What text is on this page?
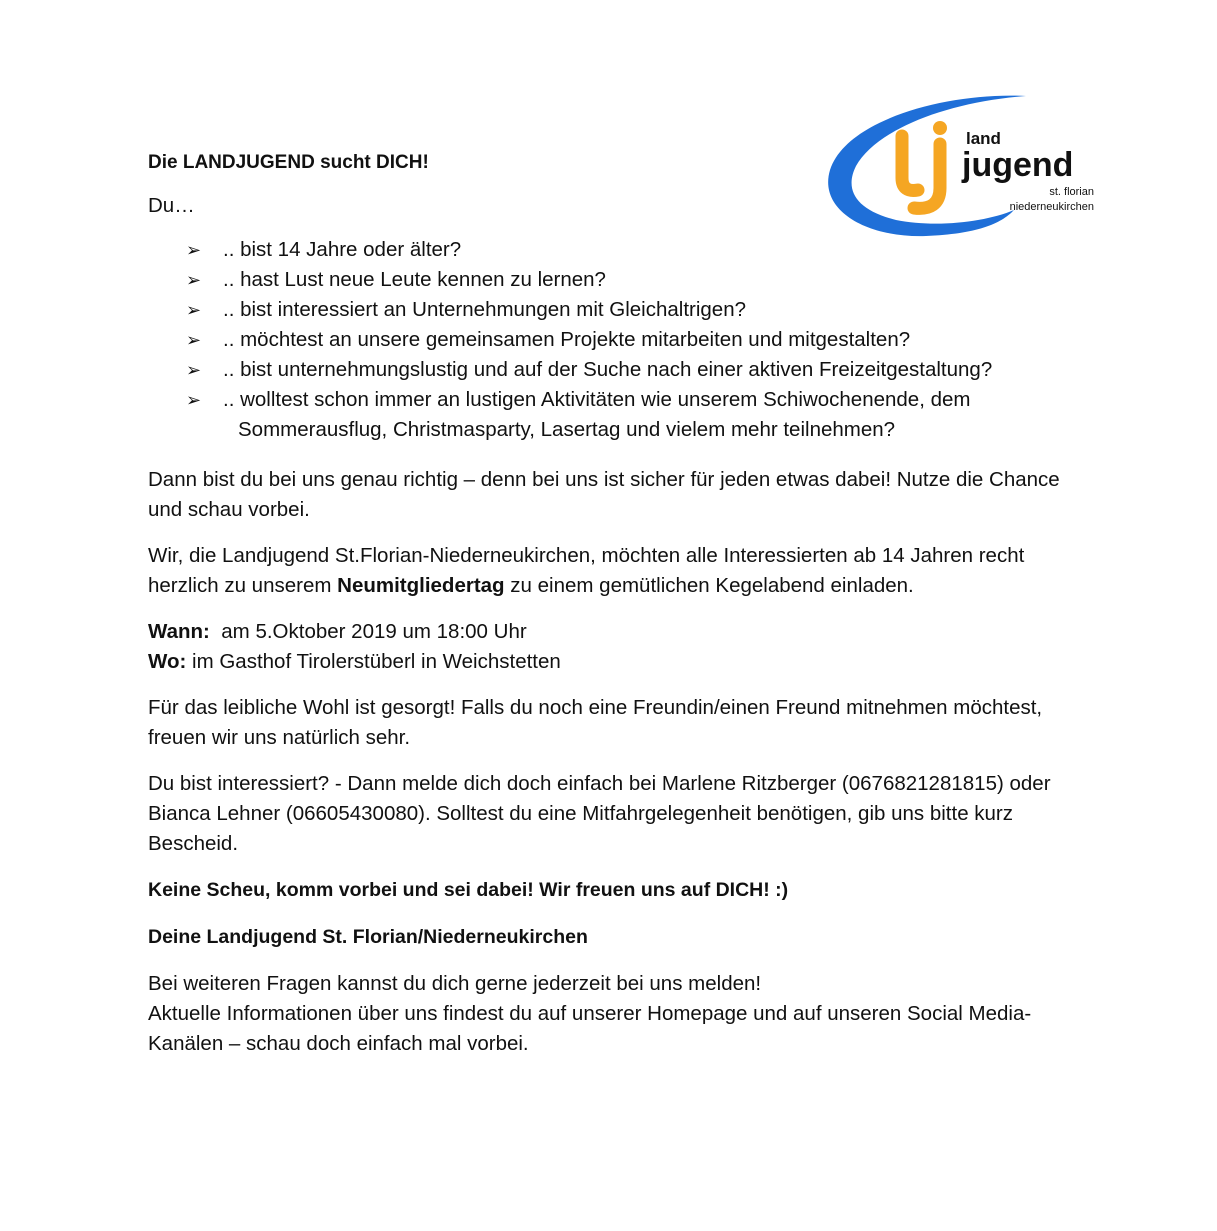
land
jugend
st. florian
niederneukirchen
Die LANDJUGEND sucht DICH!
Du…
➢ .. bist 14 Jahre oder älter?
➢ .. hast Lust neue Leute kennen zu lernen?
➢ .. bist interessiert an Unternehmungen mit Gleichaltrigen?
➢ .. möchtest an unsere gemeinsamen Projekte mitarbeiten und mitgestalten?
➢ .. bist unternehmungslustig und auf der Suche nach einer aktiven Freizeitgestaltung?
➢ .. wolltest schon immer an lustigen Aktivitäten wie unserem Schiwochenende, dem
Sommerausflug, Christmasparty, Lasertag und vielem mehr teilnehmen?

Dann bist du bei uns genau richtig – denn bei uns ist sicher für jeden etwas dabei! Nutze die Chance und schau vorbei.

Wir, die Landjugend St.Florian-Niederneukirchen, möchten alle Interessierten ab 14 Jahren recht herzlich zu unserem Neumitgliedertag zu einem gemütlichen Kegelabend einladen.

Wann: am 5.Oktober 2019 um 18:00 Uhr
Wo: im Gasthof Tirolerstüberl in Weichstetten

Für das leibliche Wohl ist gesorgt! Falls du noch eine Freundin/einen Freund mitnehmen möchtest, freuen wir uns natürlich sehr.

Du bist interessiert? - Dann melde dich doch einfach bei Marlene Ritzberger (0676821281815) oder Bianca Lehner (06605430080). Solltest du eine Mitfahrgelegenheit benötigen, gib uns bitte kurz Bescheid.

Keine Scheu, komm vorbei und sei dabei! Wir freuen uns auf DICH! :)
Deine Landjugend St. Florian/Niederneukirchen

Bei weiteren Fragen kannst du dich gerne jederzeit bei uns melden!
Aktuelle Informationen über uns findest du auf unserer Homepage und auf unseren Social Media-Kanälen – schau doch einfach mal vorbei.
